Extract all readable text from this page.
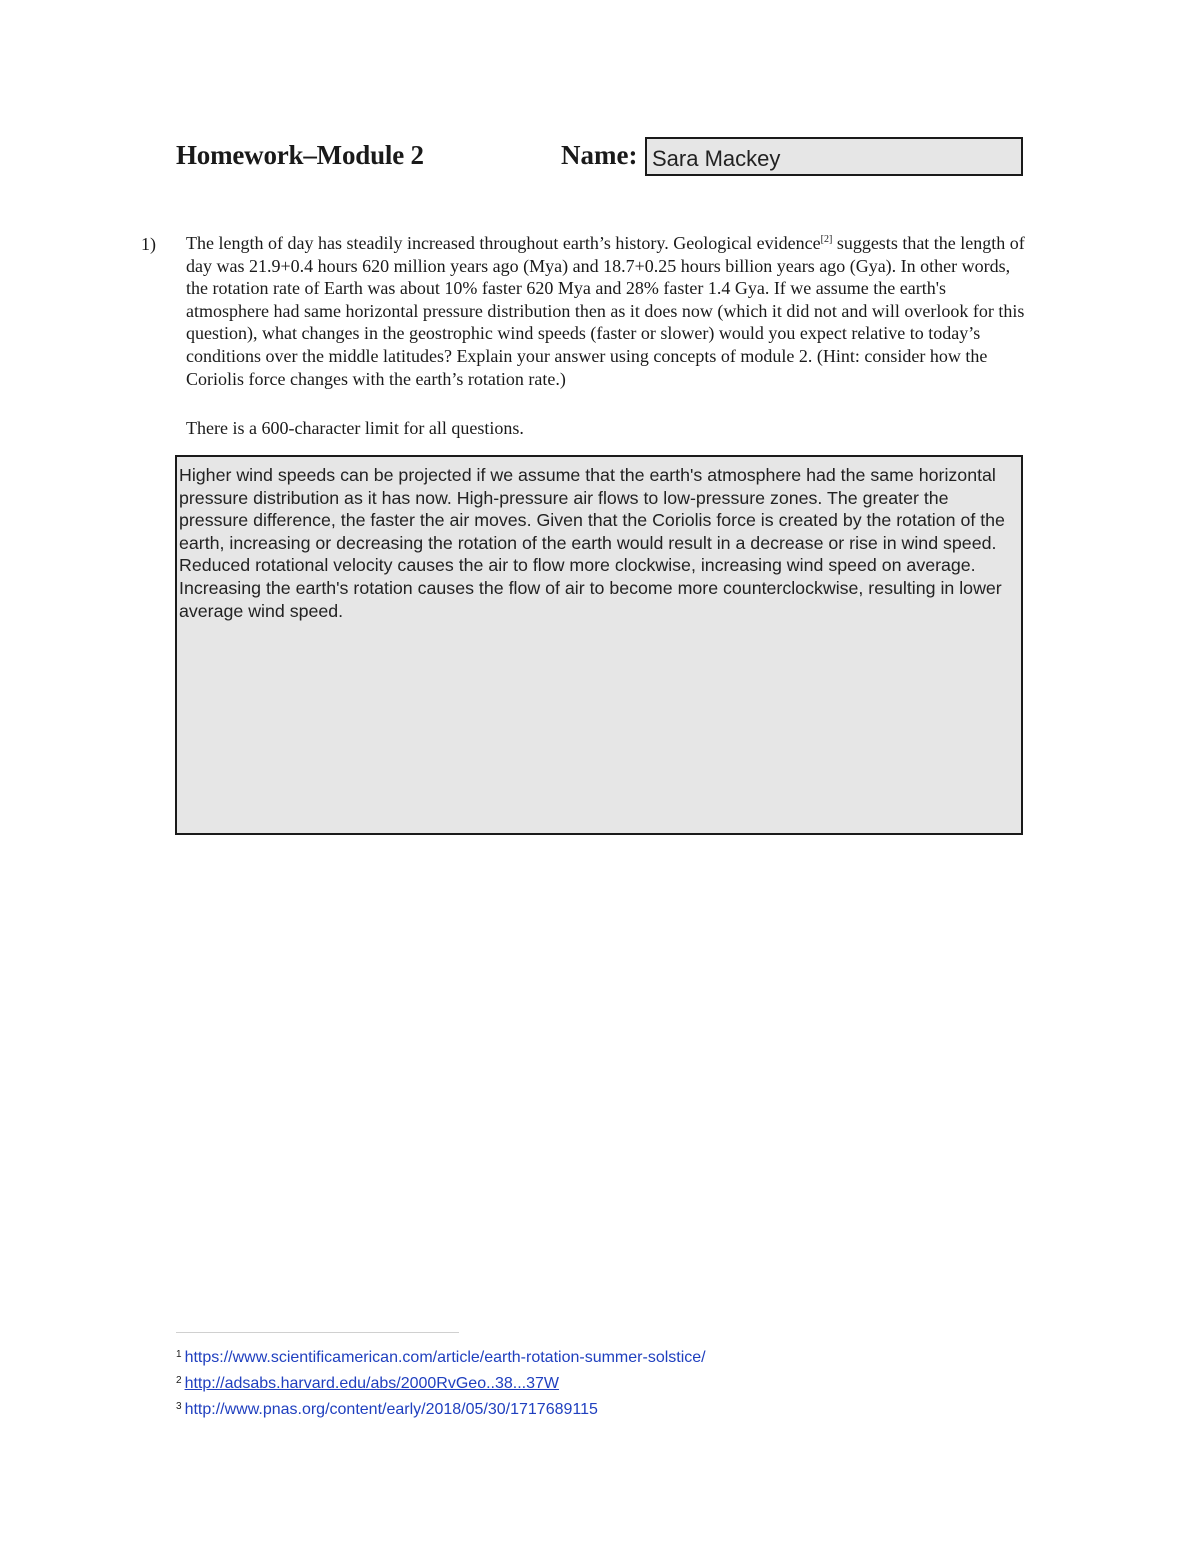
Homework–Module 2	Name: Sara Mackey
1) The length of day has steadily increased throughout earth’s history. Geological evidence[2] suggests that the length of day was 21.9+0.4 hours 620 million years ago (Mya) and 18.7+0.25 hours billion years ago (Gya). In other words, the rotation rate of Earth was about 10% faster 620 Mya and 28% faster 1.4 Gya. If we assume the earth's atmosphere had same horizontal pressure distribution then as it does now (which it did not and will overlook for this question), what changes in the geostrophic wind speeds (faster or slower) would you expect relative to today’s conditions over the middle latitudes? Explain your answer using concepts of module 2. (Hint: consider how the Coriolis force changes with the earth’s rotation rate.)
There is a 600-character limit for all questions.
Higher wind speeds can be projected if we assume that the earth's atmosphere had the same horizontal pressure distribution as it has now. High-pressure air flows to low-pressure zones. The greater the pressure difference, the faster the air moves. Given that the Coriolis force is created by the rotation of the earth, increasing or decreasing the rotation of the earth would result in a decrease or rise in wind speed. Reduced rotational velocity causes the air to flow more clockwise, increasing wind speed on average. Increasing the earth's rotation causes the flow of air to become more counterclockwise, resulting in lower average wind speed.
$^1$ https://www.scientificamerican.com/article/earth-rotation-summer-solstice/
$^2$ http://adsabs.harvard.edu/abs/2000RvGeo..38...37W
$^3$ http://www.pnas.org/content/early/2018/05/30/1717689115
